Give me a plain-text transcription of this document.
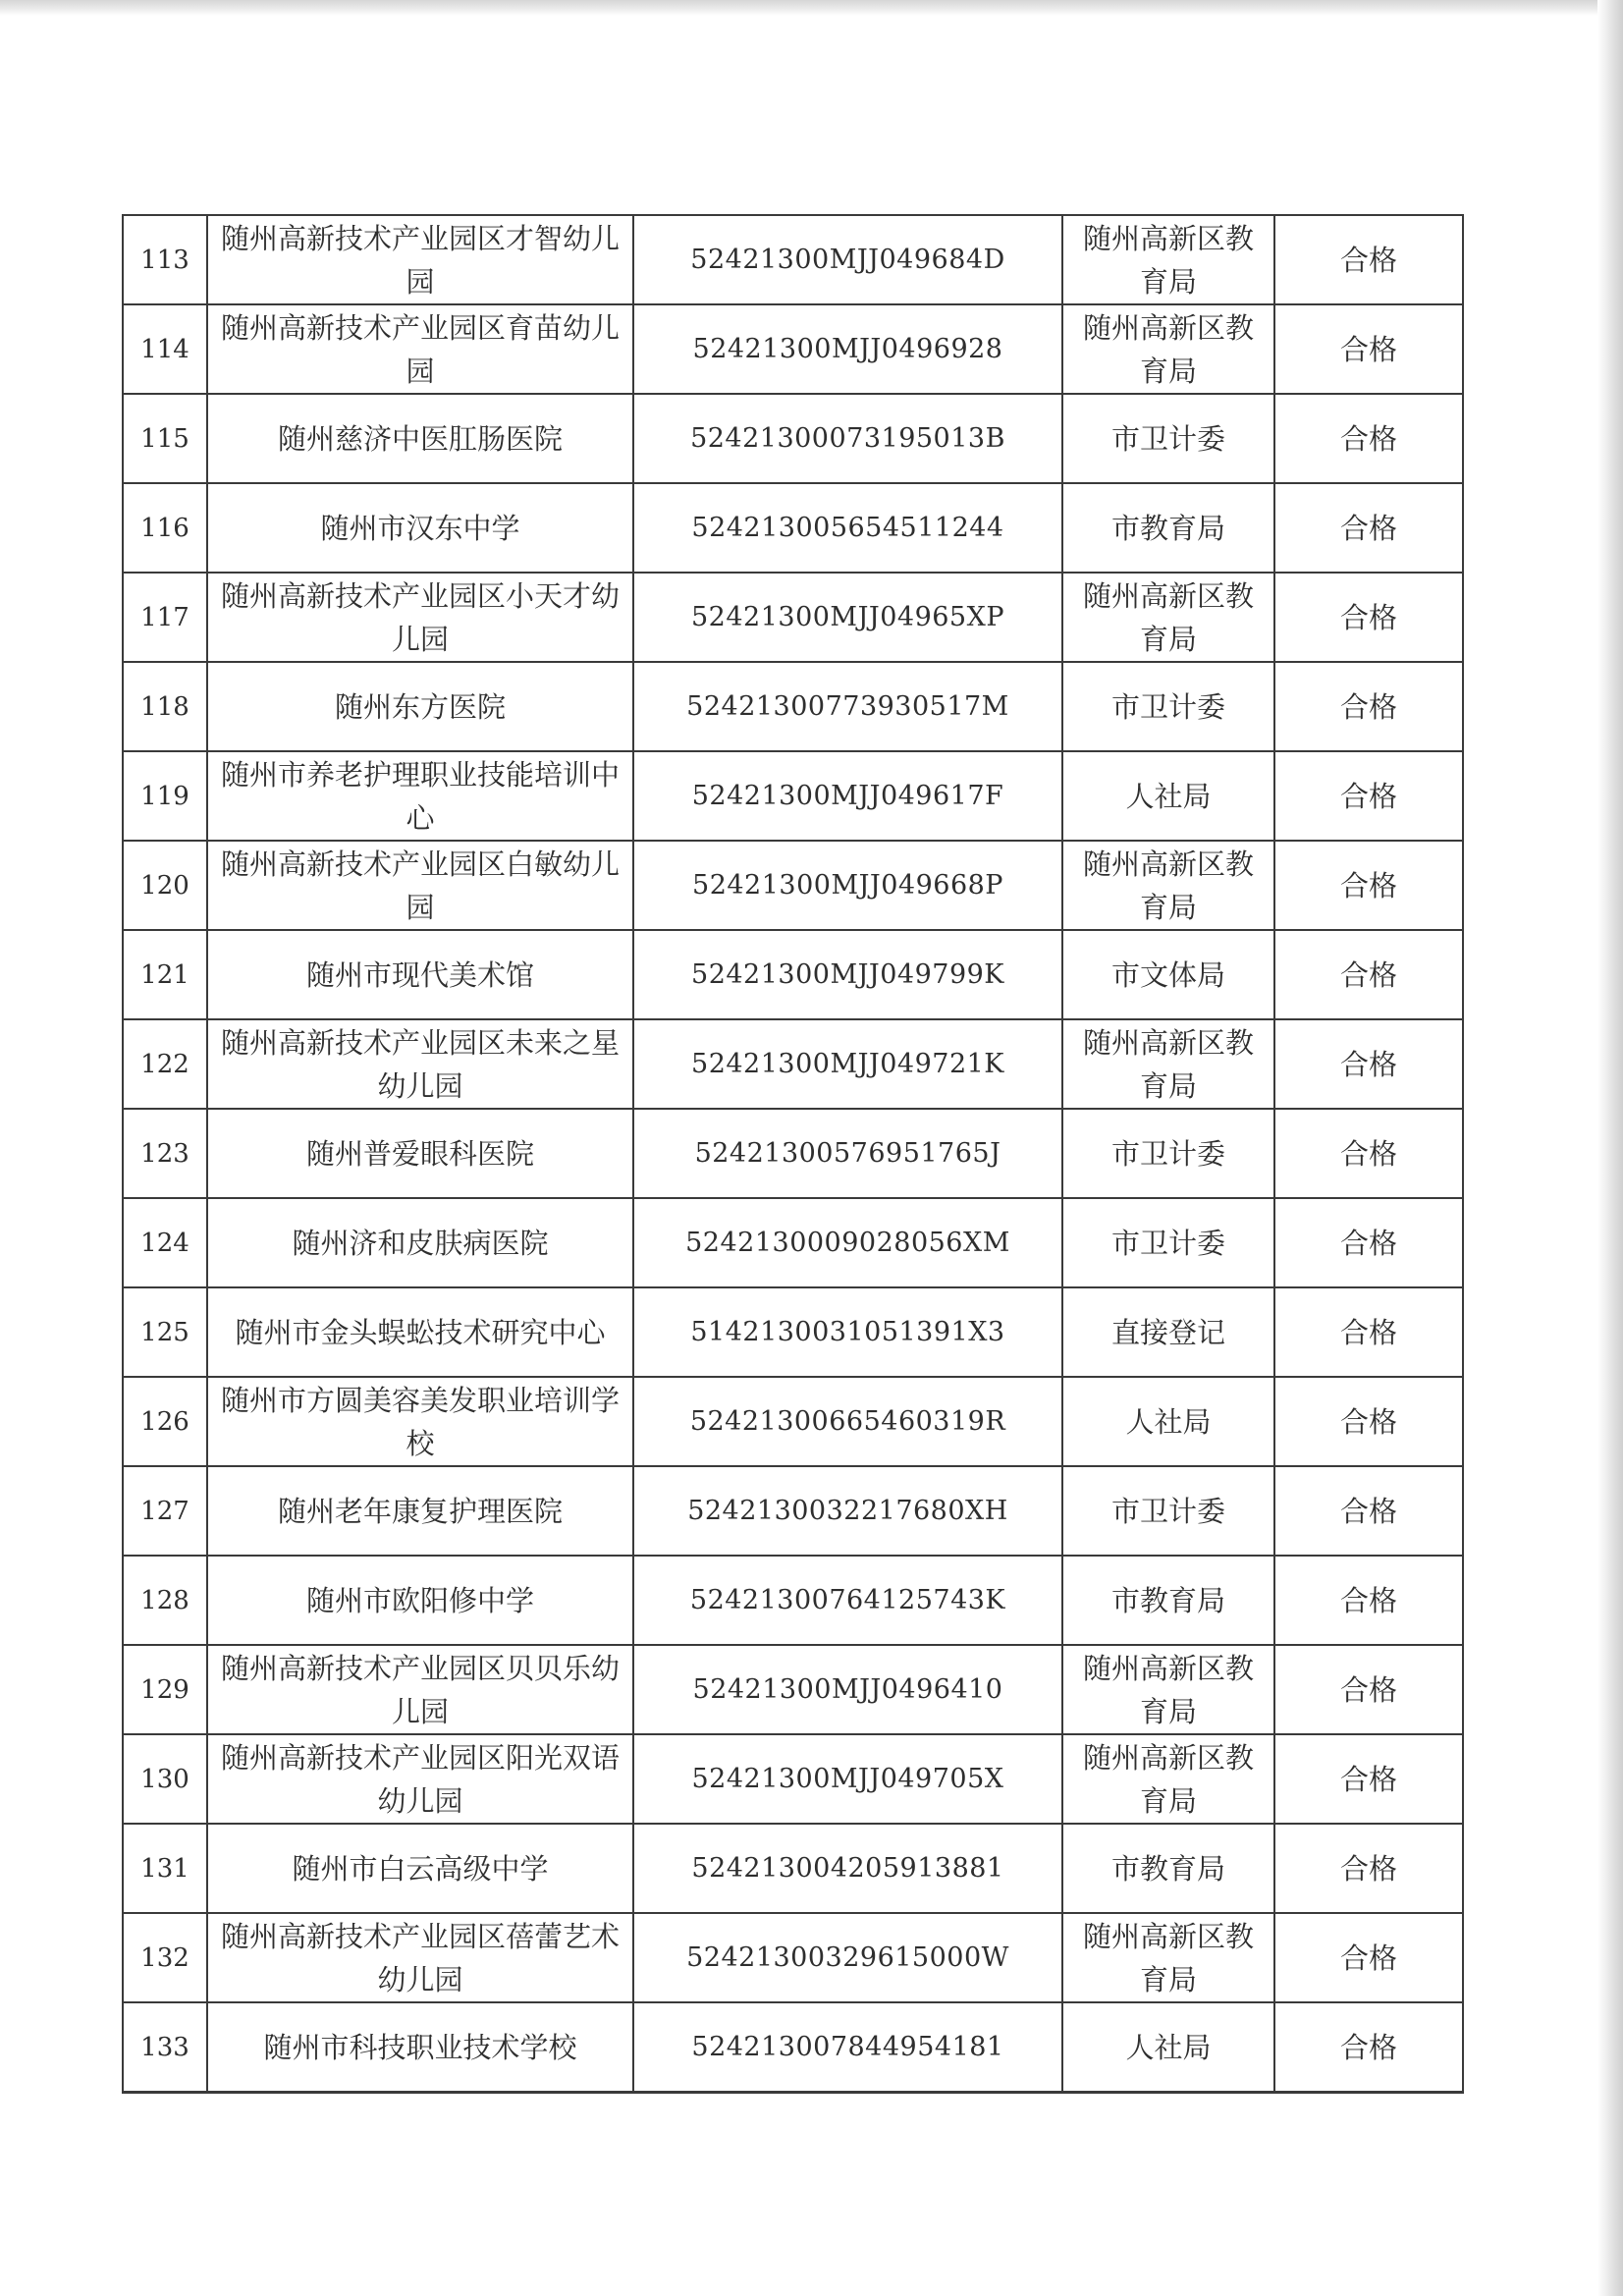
113	随州高新技术产业园区才智幼儿园	52421300MJJ049684D	随州高新区教育局	合格
114	随州高新技术产业园区育苗幼儿园	52421300MJJ0496928	随州高新区教育局	合格
115	随州慈济中医肛肠医院	52421300073195013B	市卫计委	合格
116	随州市汉东中学	524213005654511244	市教育局	合格
117	随州高新技术产业园区小天才幼儿园	52421300MJJ04965XP	随州高新区教育局	合格
118	随州东方医院	52421300773930517M	市卫计委	合格
119	随州市养老护理职业技能培训中心	52421300MJJ049617F	人社局	合格
120	随州高新技术产业园区白敏幼儿园	52421300MJJ049668P	随州高新区教育局	合格
121	随州市现代美术馆	52421300MJJ049799K	市文体局	合格
122	随州高新技术产业园区未来之星幼儿园	52421300MJJ049721K	随州高新区教育局	合格
123	随州普爱眼科医院	52421300576951765J	市卫计委	合格
124	随州济和皮肤病医院	5242130009028056XM	市卫计委	合格
125	随州市金头蜈蚣技术研究中心	5142130031051391X3	直接登记	合格
126	随州市方圆美容美发职业培训学校	52421300665460319R	人社局	合格
127	随州老年康复护理医院	5242130032217680XH	市卫计委	合格
128	随州市欧阳修中学	52421300764125743K	市教育局	合格
129	随州高新技术产业园区贝贝乐幼儿园	52421300MJJ0496410	随州高新区教育局	合格
130	随州高新技术产业园区阳光双语幼儿园	52421300MJJ049705X	随州高新区教育局	合格
131	随州市白云高级中学	524213004205913881	市教育局	合格
132	随州高新技术产业园区蓓蕾艺术幼儿园	52421300329615000W	随州高新区教育局	合格
133	随州市科技职业技术学校	524213007844954181	人社局	合格
